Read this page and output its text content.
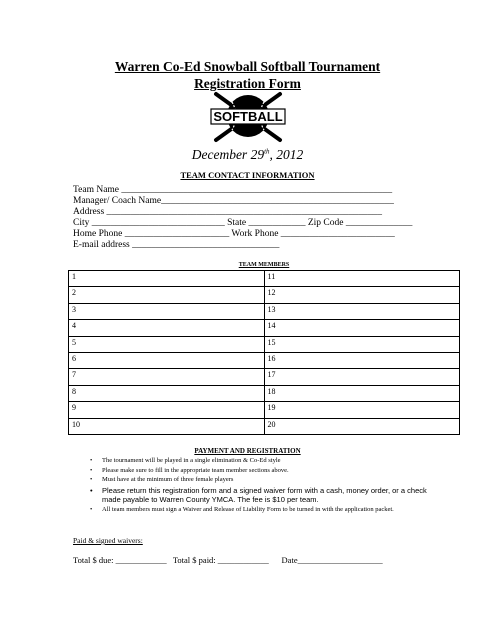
Warren Co-Ed Snowball Softball Tournament
Registration Form
SOFTBALL
December 29th, 2012
TEAM CONTACT INFORMATION
Team Name _________________________________________________________
Manager/ Coach Name_________________________________________________
Address __________________________________________________________
City ____________________________ State ____________ Zip Code ______________
Home Phone ______________________ Work Phone ________________________
E-mail address _______________________________
TEAM MEMBERS
1	11
2	12
3	13
4	14
5	15
6	16
7	17
8	18
9	19
10	20
PAYMENT AND REGISTRATION
• The tournament will be played in a single elimination & Co-Ed style
• Please make sure to fill in the appropriate team member sections above.
• Must have at the minimum of three female players
• Please return this registration form and a signed waiver form with a cash, money order, or a check made payable to Warren County YMCA. The fee is $10 per team.
• All team members must sign a Waiver and Release of Liability Form to be turned in with the application packet.
Paid & signed waivers:
Total $ due: ____________   Total $ paid: ____________      Date____________________
